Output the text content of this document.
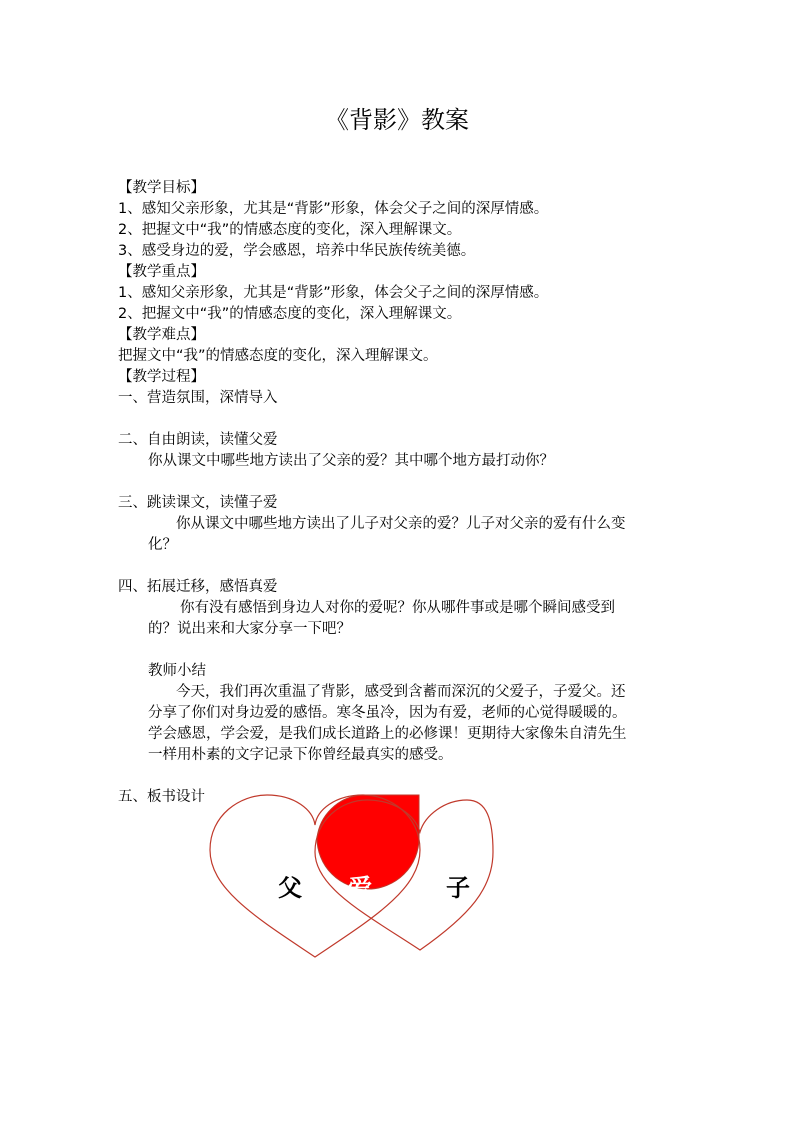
《背影》教案
【教学目标】
1、感知父亲形象，尤其是“背影”形象，体会父子之间的深厚情感。
2、把握文中“我”的情感态度的变化，深入理解课文。
3、感受身边的爱，学会感恩，培养中华民族传统美德。
【教学重点】
1、感知父亲形象，尤其是“背影”形象，体会父子之间的深厚情感。
2、把握文中“我”的情感态度的变化，深入理解课文。
【教学难点】
把握文中“我”的情感态度的变化，深入理解课文。
【教学过程】
一、营造氛围，深情导入
二、自由朗读，读懂父爱
你从课文中哪些地方读出了父亲的爱？其中哪个地方最打动你？
三、跳读课文，读懂子爱
你从课文中哪些地方读出了儿子对父亲的爱？儿子对父亲的爱有什么变
化？
四、拓展迁移，感悟真爱
你有没有感悟到身边人对你的爱呢？你从哪件事或是哪个瞬间感受到
的？说出来和大家分享一下吧？
教师小结
今天，我们再次重温了背影，感受到含蓄而深沉的父爱子，子爱父。还
分享了你们对身边爱的感悟。寒冬虽冷，因为有爱，老师的心觉得暖暖的。
学会感恩，学会爱，是我们成长道路上的必修课！更期待大家像朱自清先生
一样用朴素的文字记录下你曾经最真实的感受。
五、板书设计
父 爱	子
